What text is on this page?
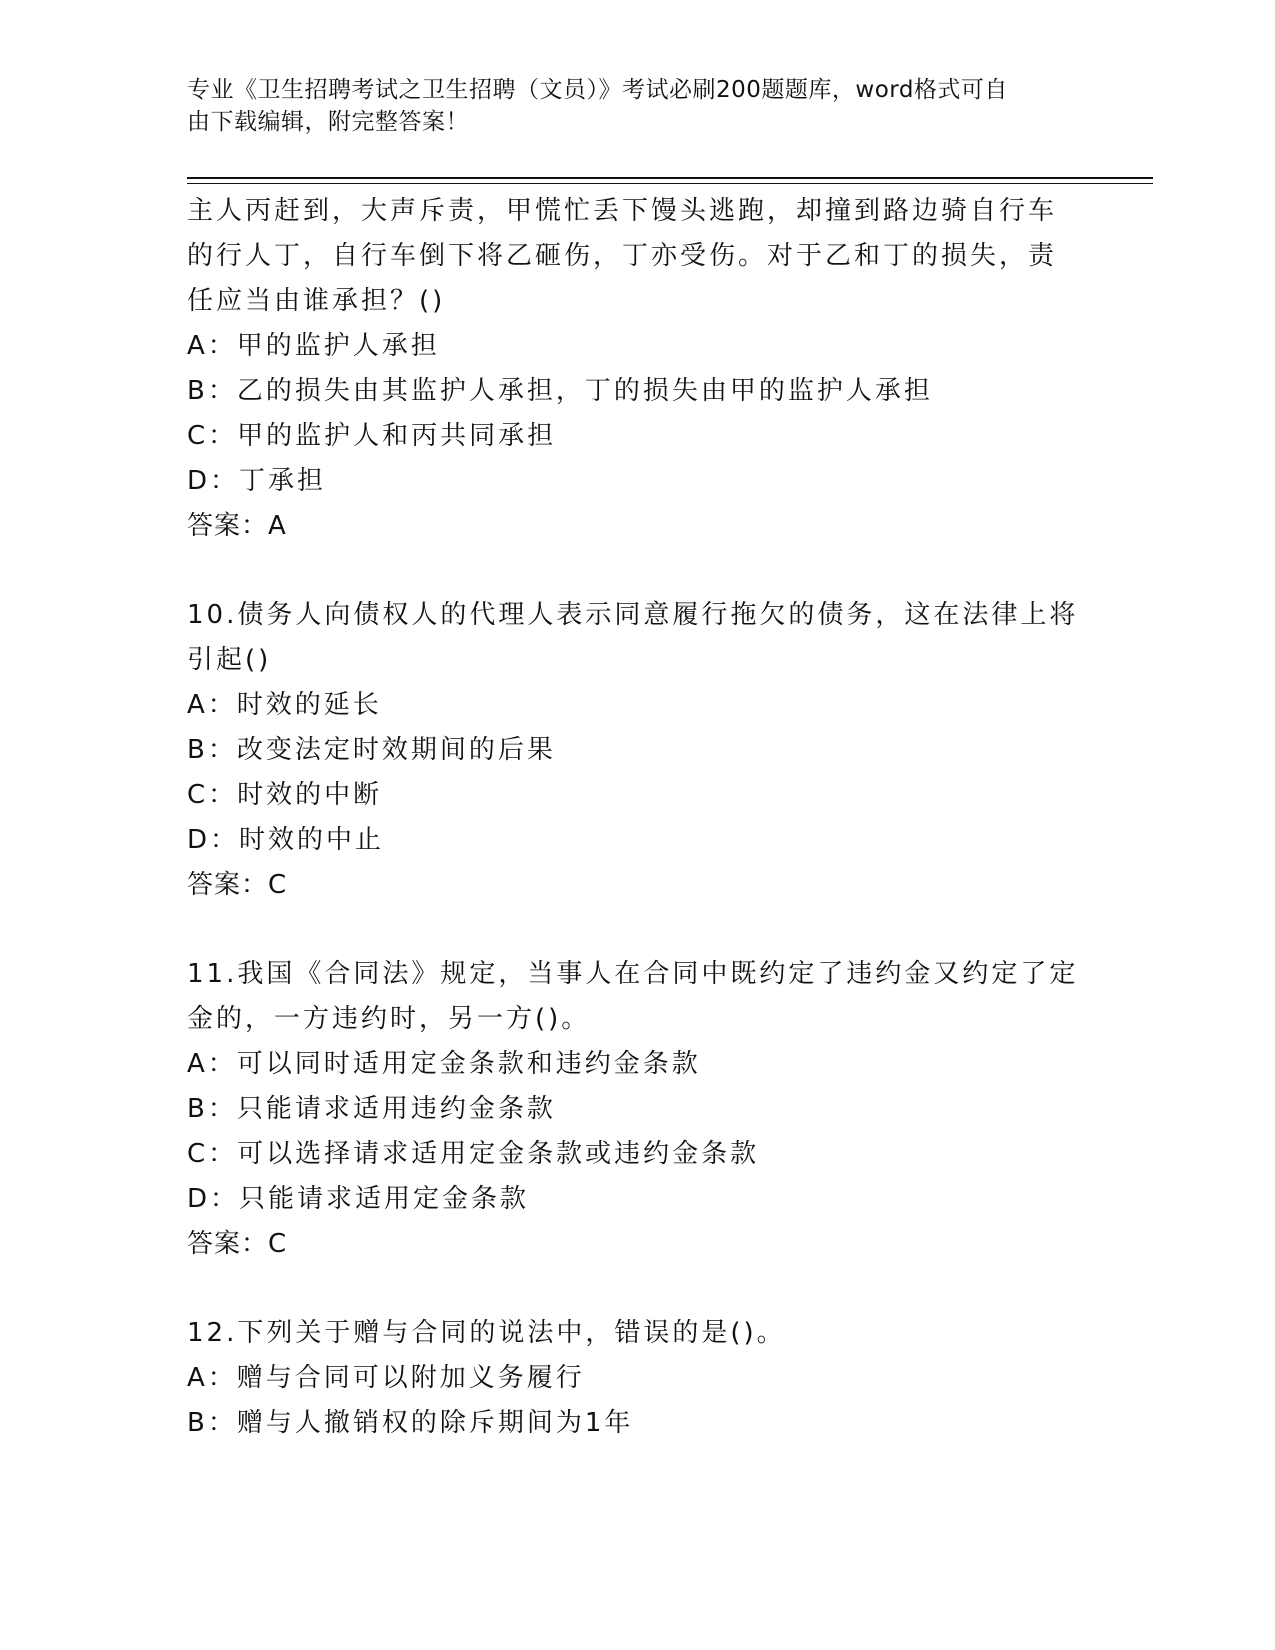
专业《卫生招聘考试之卫生招聘（文员）》考试必刷200题题库，word格式可自
由下载编辑，附完整答案！
主人丙赶到，大声斥责，甲慌忙丢下馒头逃跑，却撞到路边骑自行车
的行人丁，自行车倒下将乙砸伤，丁亦受伤。对于乙和丁的损失，责
任应当由谁承担？()
A：甲的监护人承担
B：乙的损失由其监护人承担，丁的损失由甲的监护人承担
C：甲的监护人和丙共同承担
D：丁承担
答案：A
10.债务人向债权人的代理人表示同意履行拖欠的债务，这在法律上将
引起()
A：时效的延长
B：改变法定时效期间的后果
C：时效的中断
D：时效的中止
答案：C
11.我国《合同法》规定，当事人在合同中既约定了违约金又约定了定
金的，一方违约时，另一方()。
A：可以同时适用定金条款和违约金条款
B：只能请求适用违约金条款
C：可以选择请求适用定金条款或违约金条款
D：只能请求适用定金条款
答案：C
12.下列关于赠与合同的说法中，错误的是()。
A：赠与合同可以附加义务履行
B：赠与人撤销权的除斥期间为1年
